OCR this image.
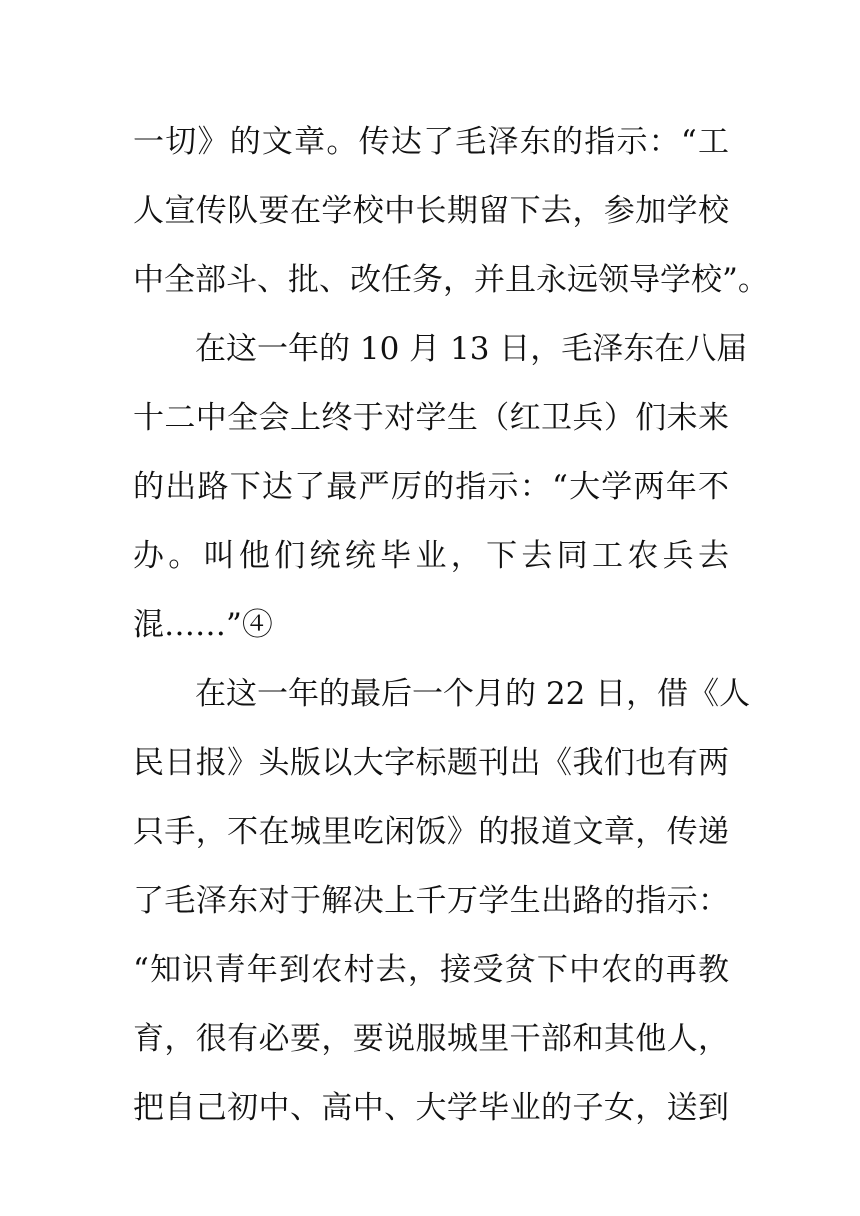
一切》的文章。传达了毛泽东的指示：“工
人宣传队要在学校中长期留下去，参加学校
中全部斗、批、改任务，并且永远领导学校”。
在这一年的 10 月 13 日，毛泽东在八届
十二中全会上终于对学生（红卫兵）们未来
的出路下达了最严厉的指示：“大学两年不
办。叫他们统统毕业，下去同工农兵去
混……”④
在这一年的最后一个月的 22 日，借《人
民日报》头版以大字标题刊出《我们也有两
只手，不在城里吃闲饭》的报道文章，传递
了毛泽东对于解决上千万学生出路的指示：
“知识青年到农村去，接受贫下中农的再教
育，很有必要，要说服城里干部和其他人，
把自己初中、高中、大学毕业的子女，送到
